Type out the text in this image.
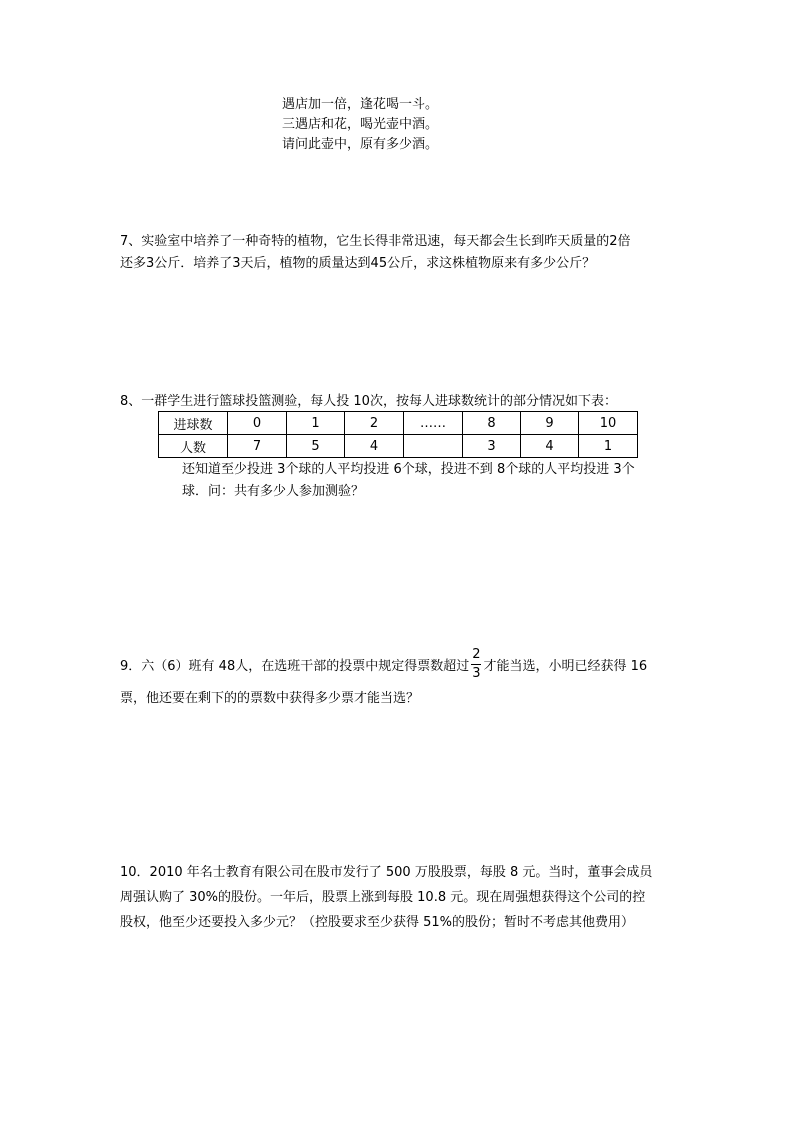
遇店加一倍，逢花喝一斗。
三遇店和花，喝光壶中酒。
请问此壶中，原有多少酒。
7、实验室中培养了一种奇特的植物，它生长得非常迅速，每天都会生长到昨天质量的2倍
还多3公斤．培养了3天后，植物的质量达到45公斤，求这株植物原来有多少公斤？
8、一群学生进行篮球投篮测验，每人投 10次，按每人进球数统计的部分情况如下表：
进球数	0	1	2	……	8	9	10
人数	7	5	4		3	4	1
还知道至少投进 3个球的人平均投进 6个球，投进不到 8个球的人平均投进 3个
球．问：共有多少人参加测验？
9．六（6）班有 48人，在选班干部的投票中规定得票数超过 $\frac{2}{3}$ 才能当选，小明已经获得 16
票，他还要在剩下的的票数中获得多少票才能当选？
10．2010 年名士教育有限公司在股市发行了 500 万股股票，每股 8 元。当时，董事会成员
周强认购了 30%的股份。一年后，股票上涨到每股 10.8 元。现在周强想获得这个公司的控
股权，他至少还要投入多少元？（控股要求至少获得 51%的股份；暂时不考虑其他费用）
